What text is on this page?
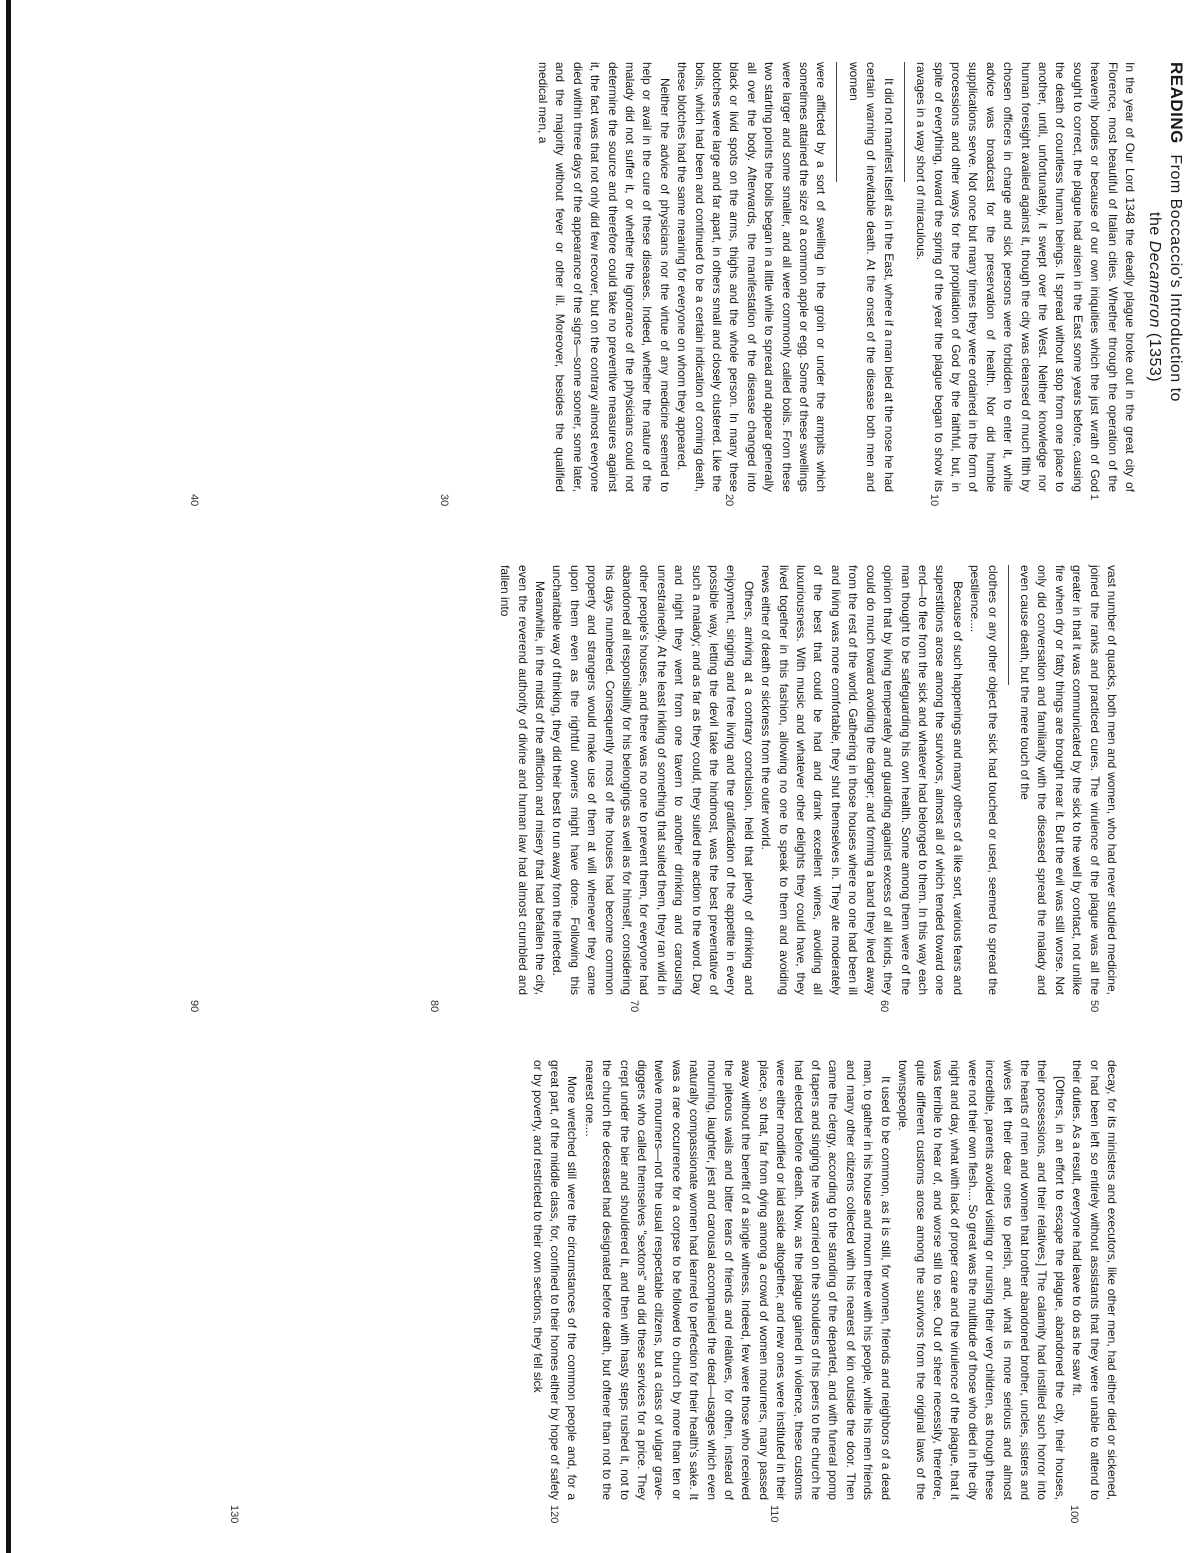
READING  From Boccaccio's Introduction to
the Decameron (1353)

In the year of Our Lord 1348 the deadly plague broke out in the great city of Florence, most beautiful of Italian cities. Whether through the operation of the heavenly bodies or because of our own iniquities which the just wrath of God sought to correct, the plague had arisen in the East some years before, causing the death of countless human beings. It spread without stop from one place to another, until, unfortunately, it swept over the West. Neither knowledge nor human foresight availed against it, though the city was cleansed of much filth by chosen officers in charge and sick persons were forbidden to enter it, while advice was broadcast for the preservation of health. Nor did humble supplications serve. Not once but many times they were ordained in the form of processions and other ways for the propitiation of God by the faithful, but, in spite of everything, toward the spring of the year the plague began to show its ravages in a way short of miraculous.

It did not manifest itself as in the East, where if a man bled at the nose he had certain warning of inevitable death. At the onset of the disease both men and women

were afflicted by a sort of swelling in the groin or under the armpits which sometimes attained the size of a common apple or egg. Some of these swellings were larger and some smaller, and all were commonly called boils. From these two starting points the boils began in a little while to spread and appear generally all over the body. Afterwards, the manifestation of the disease changed into black or livid spots on the arms, thighs and the whole person. In many these blotches were large and far apart, in others small and closely clustered. Like the boils, which had been and continued to be a certain indication of coming death, these blotches had the same meaning for everyone on whom they appeared.

Neither the advice of physicians nor the virtue of any medicine seemed to help or avail in the cure of these diseases. Indeed, whether the nature of the malady did not suffer it, or whether the ignorance of the physicians could not determine the source and therefore could take no preventive measures against it, the fact was that not only did few recover, but on the contrary almost everyone died within three days of the appearance of the signs—some sooner, some later, and the majority without fever or other ill. Moreover, besides the qualified medical men, a

vast number of quacks, both men and women, who had never studied medicine, joined the ranks and practiced cures. The virulence of the plague was all the greater in that it was communicated by the sick to the well by contact, not unlike fire when dry or fatty things are brought near it. But the evil was still worse. Not only did conversation and familiarity with the diseased spread the malady and even cause death, but the mere touch of the

clothes or any other object the sick had touched or used, seemed to spread the pestilence....

Because of such happenings and many others of a like sort, various fears and superstitions arose among the survivors, almost all of which tended toward one end—to flee from the sick and whatever had belonged to them. In this way each man thought to be safeguarding his own health. Some among them were of the opinion that by living temperately and guarding against excess of all kinds, they could do much toward avoiding the danger; and forming a band they lived away from the rest of the world. Gathering in those houses where no one had been ill and living was more comfortable, they shut themselves in. They ate moderately of the best that could be had and drank excellent wines, avoiding all luxuriousness. With music and whatever other delights they could have, they lived together in this fashion, allowing no one to speak to them and avoiding news either of death or sickness from the outer world.

Others, arriving at a contrary conclusion, held that plenty of drinking and enjoyment, singing and free living and the gratification of the appetite in every possible way, letting the devil take the hindmost, was the best preventative of such a malady; and as far as they could, they suited the action to the word. Day and night they went from one tavern to another drinking and carousing unrestrainedly. At the least inkling of something that suited them, they ran wild in other people's houses, and there was no one to prevent them, for everyone had abandoned all responsibility for his belongings as well as for himself, considering his days numbered. Consequently most of the houses had become common property and strangers would make use of them at will whenever they came upon them even as the rightful owners might have done. Following this uncharitable way of thinking, they did their best to run away from the infected.

Meanwhile, in the midst of the affliction and misery that had befallen the city, even the reverend authority of divine and human law had almost crumbled and fallen into

decay, for its ministers and executors, like other men, had either died or sickened, or had been left so entirely without assistants that they were unable to attend to their duties. As a result, everyone had leave to do as he saw fit.

[Others, in an effort to escape the plague, abandoned the city, their houses, their possessions, and their relatives.] The calamity had instilled such horror into the hearts of men and women that brother abandoned brother, uncles, sisters and wives left their dear ones to perish, and, what is more serious and almost incredible, parents avoided visiting or nursing their very children, as though these were not their own flesh.... So great was the multitude of those who died in the city night and day, what with lack of proper care and the virulence of the plague, that it was terrible to hear of, and worse still to see. Out of sheer necessity, therefore, quite different customs arose among the survivors from the original laws of the townspeople.

It used to be common, as it is still, for women, friends and neighbors of a dead man, to gather in his house and mourn there with his people, while his men friends and many other citizens collected with his nearest of kin outside the door. Then came the clergy, according to the standing of the departed, and with funeral pomp of tapers and singing he was carried on the shoulders of his peers to the church he had elected before death. Now, as the plague gained in violence, these customs were either modified or laid aside altogether, and new ones were instituted in their place, so that, far from dying among a crowd of women mourners, many passed away without the benefit of a single witness. Indeed, few were those who received the piteous wails and bitter tears of friends and relatives, for often, instead of mourning, laughter, jest and carousal accompanied the dead—usages which even naturally compassionate women had learned to perfection for their health's sake. It was a rare occurrence for a corpse to be followed to church by more than ten or twelve mourners—not the usual respectable citizens, but a class of vulgar grave-diggers who called themselves "sextons" and did these services for a price. They crept under the bier and shouldered it, and then with hasty steps rushed it, not to the church the deceased had designated before death, but oftener than not to the nearest one....

More wretched still were the circumstances of the common people and, for a great part, of the middle class, for, confined to their homes either by hope of safety or by poverty, and restricted to their own sections, they fell sick

1
10
20
30
40
50
60
70
80
90
100
110
120
130
